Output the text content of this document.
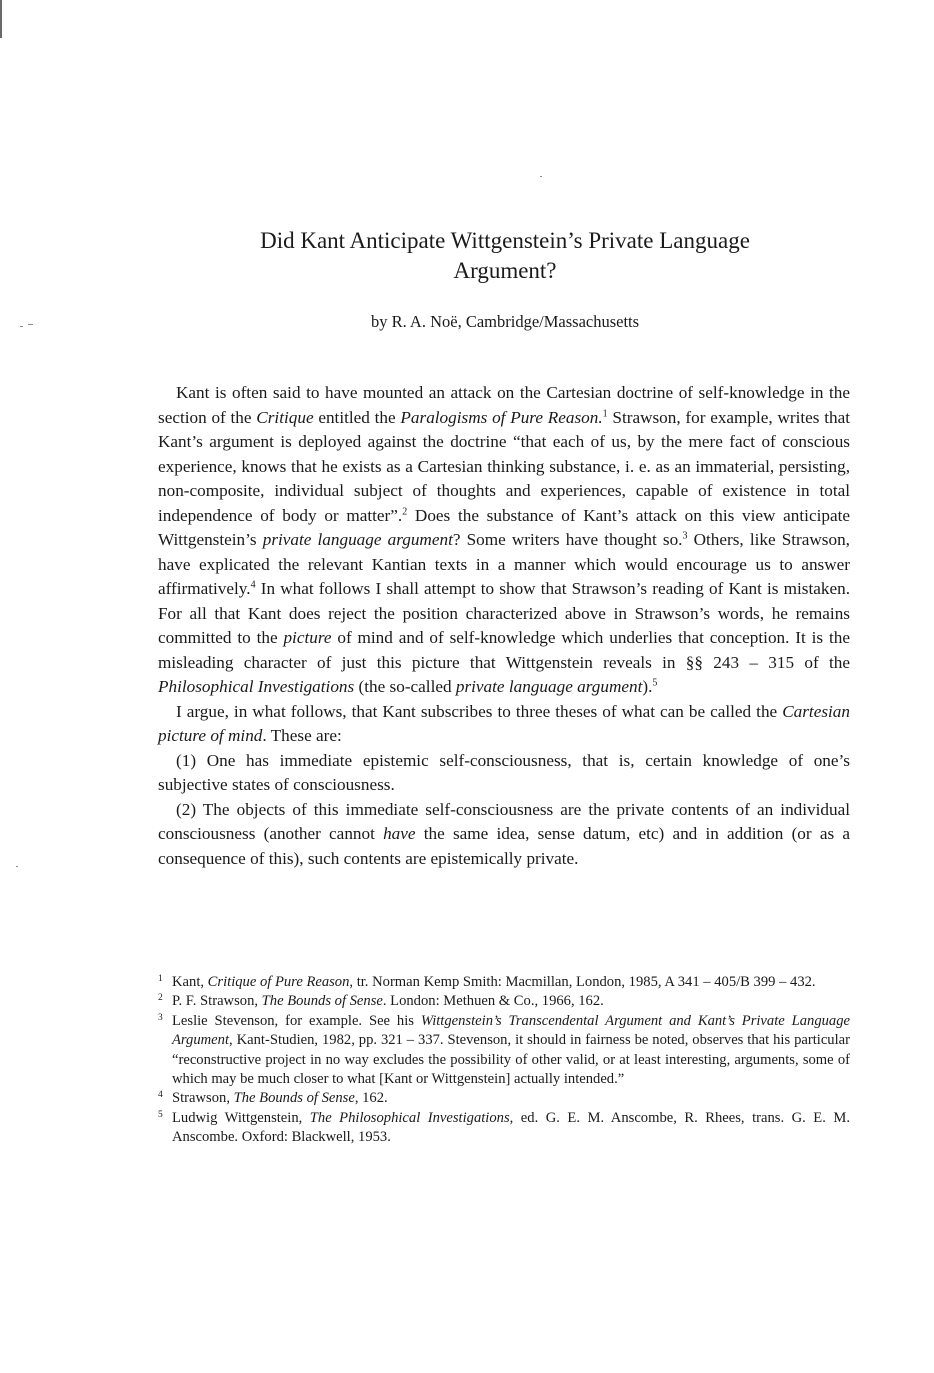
Did Kant Anticipate Wittgenstein’s Private Language
Argument?
by R. A. Noë, Cambridge/Massachusetts

Kant is often said to have mounted an attack on the Cartesian doctrine of self-knowledge in the section of the Critique entitled the Paralogisms of Pure Reason.$^1$ Strawson, for example, writes that Kant’s argument is deployed against the doctrine “that each of us, by the mere fact of conscious experience, knows that he exists as a Cartesian thinking substance, i. e. as an immaterial, persisting, non-composite, individual subject of thoughts and experiences, capable of existence in total independence of body or matter”.$^2$ Does the substance of Kant’s attack on this view anticipate Wittgenstein’s private language argument? Some writers have thought so.$^3$ Others, like Strawson, have explicated the relevant Kantian texts in a manner which would encourage us to answer affirmatively.$^4$ In what follows I shall attempt to show that Strawson’s reading of Kant is mistaken. For all that Kant does reject the position characterized above in Strawson’s words, he remains committed to the picture of mind and of self-knowledge which underlies that conception. It is the misleading character of just this picture that Wittgenstein reveals in §§ 243 – 315 of the Philosophical Investigations (the so-called private language argument).$^5$

I argue, in what follows, that Kant subscribes to three theses of what can be called the Cartesian picture of mind. These are:

(1) One has immediate epistemic self-consciousness, that is, certain knowledge of one’s subjective states of consciousness.

(2) The objects of this immediate self-consciousness are the private contents of an individual consciousness (another cannot have the same idea, sense datum, etc) and in addition (or as a consequence of this), such contents are epistemically private.

1 Kant, Critique of Pure Reason, tr. Norman Kemp Smith: Macmillan, London, 1985, A 341 – 405/B 399 – 432.
2 P. F. Strawson, The Bounds of Sense. London: Methuen & Co., 1966, 162.
3 Leslie Stevenson, for example. See his Wittgenstein’s Transcendental Argument and Kant’s Private Language Argument, Kant-Studien, 1982, pp. 321 – 337. Stevenson, it should in fairness be noted, observes that his particular “reconstructive project in no way excludes the possibility of other valid, or at least interesting, arguments, some of which may be much closer to what [Kant or Wittgenstein] actually intended.”
4 Strawson, The Bounds of Sense, 162.
5 Ludwig Wittgenstein, The Philosophical Investigations, ed. G. E. M. Anscombe, R. Rhees, trans. G. E. M. Anscombe. Oxford: Blackwell, 1953.
